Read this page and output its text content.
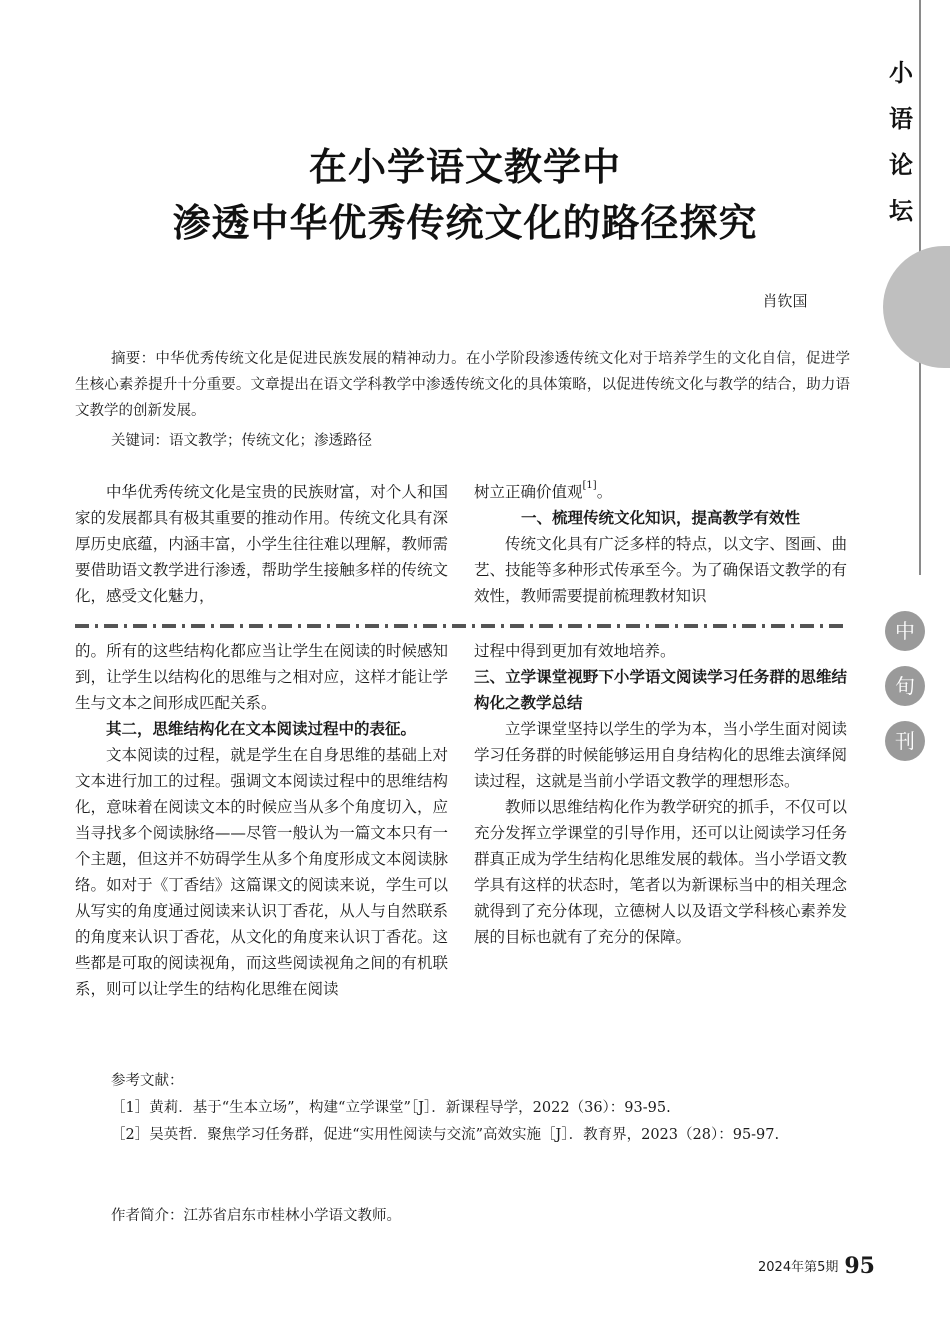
小
语
论
坛
中
旬
刊
在小学语文教学中
渗透中华优秀传统文化的路径探究
肖钦国
摘要：中华优秀传统文化是促进民族发展的精神动力。在小学阶段渗透传统文化对于培养学生的文化自信，促进学生核心素养提升十分重要。文章提出在语文学科教学中渗透传统文化的具体策略，以促进传统文化与教学的结合，助力语文教学的创新发展。
关键词：语文教学；传统文化；渗透路径

中华优秀传统文化是宝贵的民族财富，对个人和国家的发展都具有极其重要的推动作用。传统文化具有深厚历史底蕴，内涵丰富，小学生往往难以理解，教师需要借助语文教学进行渗透，帮助学生接触多样的传统文化，感受文化魅力，

树立正确价值观[1]。

一、梳理传统文化知识，提高教学有效性

传统文化具有广泛多样的特点，以文字、图画、曲艺、技能等多种形式传承至今。为了确保语文教学的有效性，教师需要提前梳理教材知识

的。所有的这些结构化都应当让学生在阅读的时候感知到，让学生以结构化的思维与之相对应，这样才能让学生与文本之间形成匹配关系。

其二，思维结构化在文本阅读过程中的表征。

文本阅读的过程，就是学生在自身思维的基础上对文本进行加工的过程。强调文本阅读过程中的思维结构化，意味着在阅读文本的时候应当从多个角度切入，应当寻找多个阅读脉络——尽管一般认为一篇文本只有一个主题，但这并不妨碍学生从多个角度形成文本阅读脉络。如对于《丁香结》这篇课文的阅读来说，学生可以从写实的角度通过阅读来认识丁香花，从人与自然联系的角度来认识丁香花，从文化的角度来认识丁香花。这些都是可取的阅读视角，而这些阅读视角之间的有机联系，则可以让学生的结构化思维在阅读

过程中得到更加有效地培养。

三、立学课堂视野下小学语文阅读学习任务群的思维结构化之教学总结

立学课堂坚持以学生的学为本，当小学生面对阅读学习任务群的时候能够运用自身结构化的思维去演绎阅读过程，这就是当前小学语文教学的理想形态。

教师以思维结构化作为教学研究的抓手，不仅可以充分发挥立学课堂的引导作用，还可以让阅读学习任务群真正成为学生结构化思维发展的载体。当小学语文教学具有这样的状态时，笔者以为新课标当中的相关理念就得到了充分体现，立德树人以及语文学科核心素养发展的目标也就有了充分的保障。

参考文献：
［1］黄莉．基于“生本立场”，构建“立学课堂”［J］．新课程导学，2022（36）：93-95.
［2］吴英哲．聚焦学习任务群，促进“实用性阅读与交流”高效实施［J］．教育界，2023（28）：95-97.
作者简介：江苏省启东市桂林小学语文教师。
2024年第5期 95
